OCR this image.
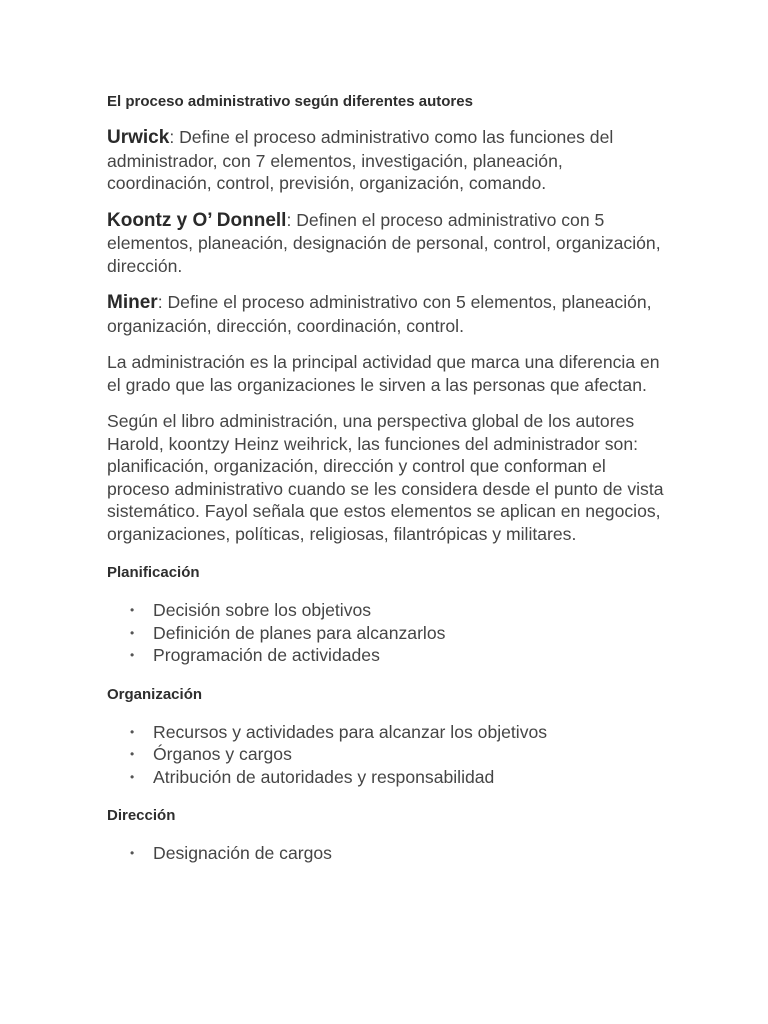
El proceso administrativo según diferentes autores

Urwick: Define el proceso administrativo como las funciones del administrador, con 7 elementos, investigación, planeación, coordinación, control, previsión, organización, comando.

Koontz y O’ Donnell: Definen el proceso administrativo con 5 elementos, planeación, designación de personal, control, organización, dirección.

Miner: Define el proceso administrativo con 5 elementos, planeación, organización, dirección, coordinación, control.

La administración es la principal actividad que marca una diferencia en el grado que las organizaciones le sirven a las personas que afectan.

Según el libro administración, una perspectiva global de los autores Harold, koontzy Heinz weihrick, las funciones del administrador son: planificación, organización, dirección y control que conforman el proceso administrativo cuando se les considera desde el punto de vista sistemático. Fayol señala que estos elementos se aplican en negocios, organizaciones, políticas, religiosas, filantrópicas y militares.

Planificación
• Decisión sobre los objetivos
• Definición de planes para alcanzarlos
• Programación de actividades
Organización
• Recursos y actividades para alcanzar los objetivos
• Órganos y cargos
• Atribución de autoridades y responsabilidad
Dirección
• Designación de cargos
